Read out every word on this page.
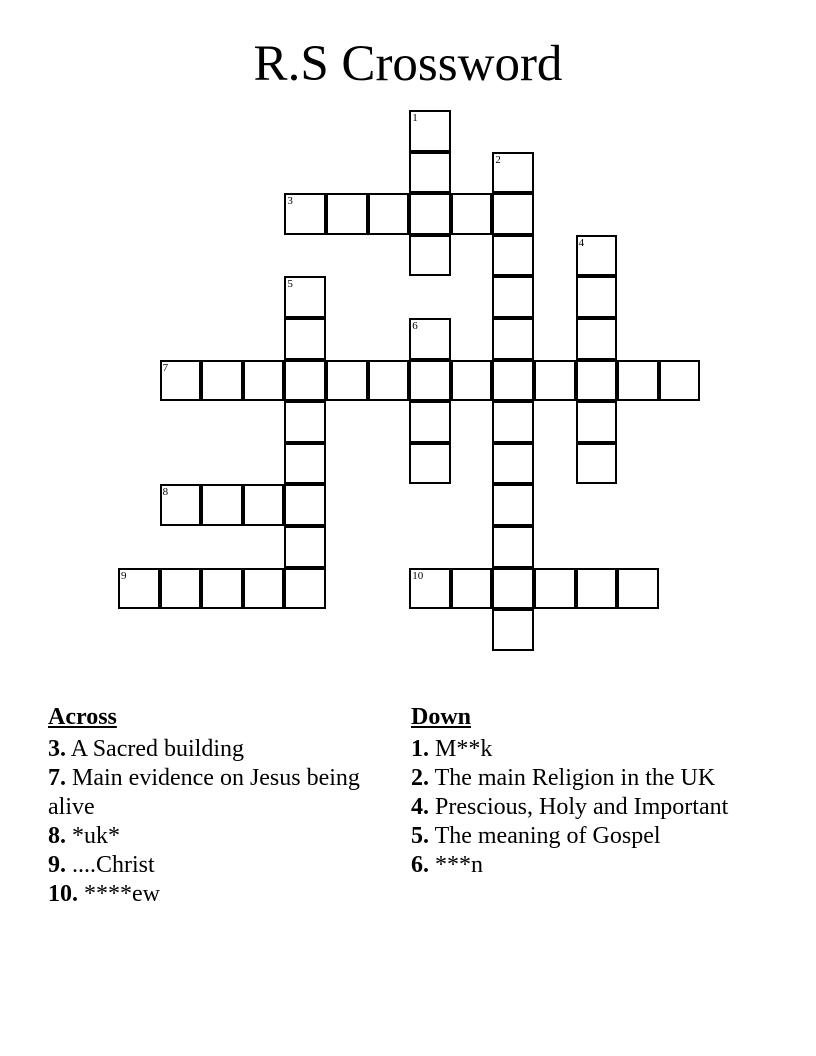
R.S Crossword
1
2
3
4
5
6
7
8
9	10
Across
3. A Sacred building
7. Main evidence on Jesus being alive
8. *uk*
9. ....Christ
10. ****ew
Down
1. M**k
2. The main Religion in the UK
4. Prescious, Holy and Important
5. The meaning of Gospel
6. ***n
